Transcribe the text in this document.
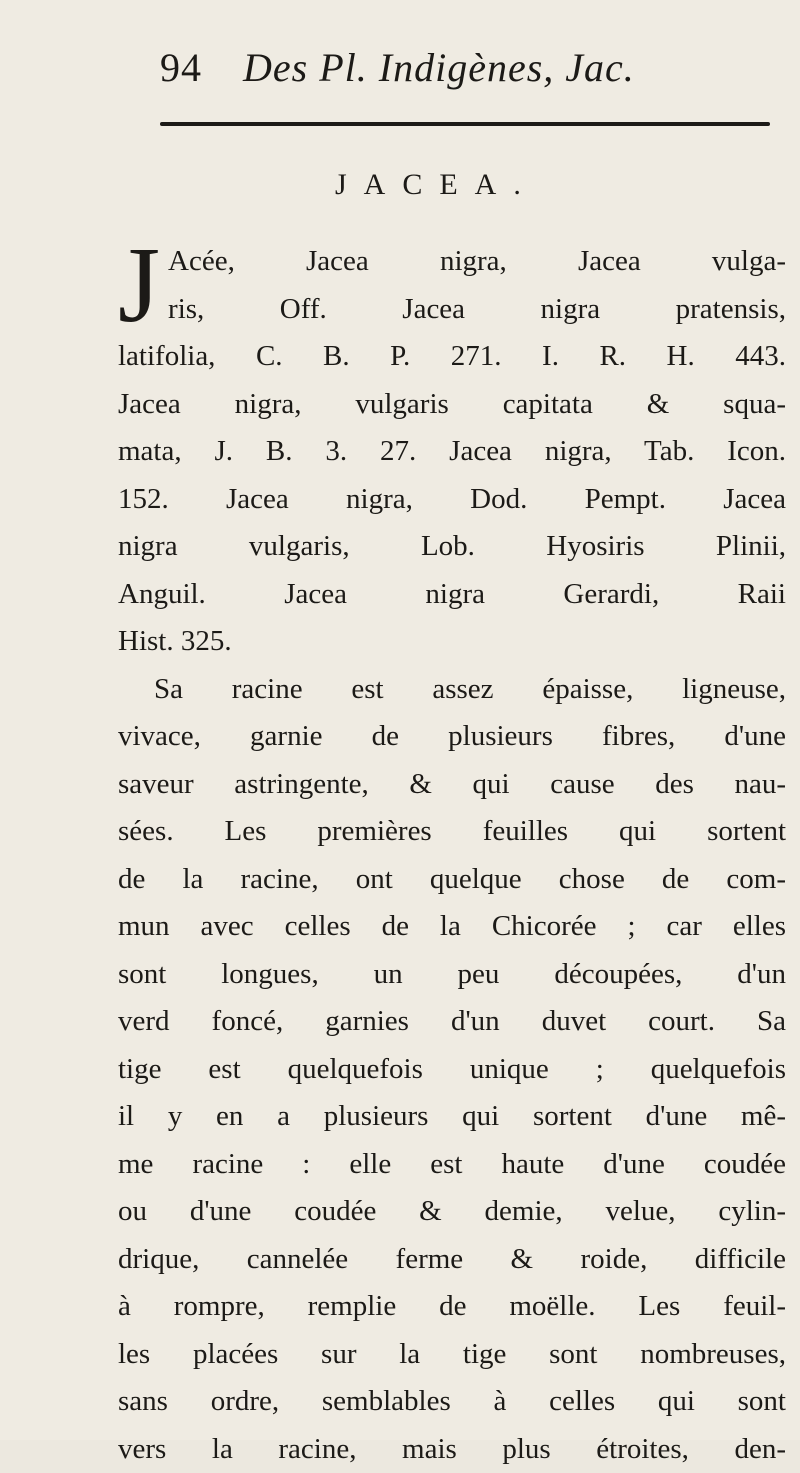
94 Des Pl. Indigènes, Jac.
JACEA.
J Acée, Jacea nigra, Jacea vulga-
ris, Off. Jacea nigra pratensis,
latifolia, C. B. P. 271. I. R. H. 443.
Jacea nigra, vulgaris capitata & squa-
mata, J. B. 3. 27. Jacea nigra, Tab. Icon.
152. Jacea nigra, Dod. Pempt. Jacea
nigra vulgaris, Lob. Hyosiris Plinii,
Anguil. Jacea nigra Gerardi, Raii
Hist. 325.
Sa racine est assez épaisse, ligneuse,
vivace, garnie de plusieurs fibres, d'une
saveur astringente, & qui cause des nau-
sées. Les premières feuilles qui sortent
de la racine, ont quelque chose de com-
mun avec celles de la Chicorée ; car elles
sont longues, un peu découpées, d'un
verd foncé, garnies d'un duvet court. Sa
tige est quelquefois unique ; quelquefois
il y en a plusieurs qui sortent d'une mê-
me racine : elle est haute d'une coudée
ou d'une coudée & demie, velue, cylin-
drique, cannelée ferme & roide, difficile
à rompre, remplie de moëlle. Les feuil-
les placées sur la tige sont nombreuses,
sans ordre, semblables à celles qui sont
vers la racine, mais plus étroites, den-
